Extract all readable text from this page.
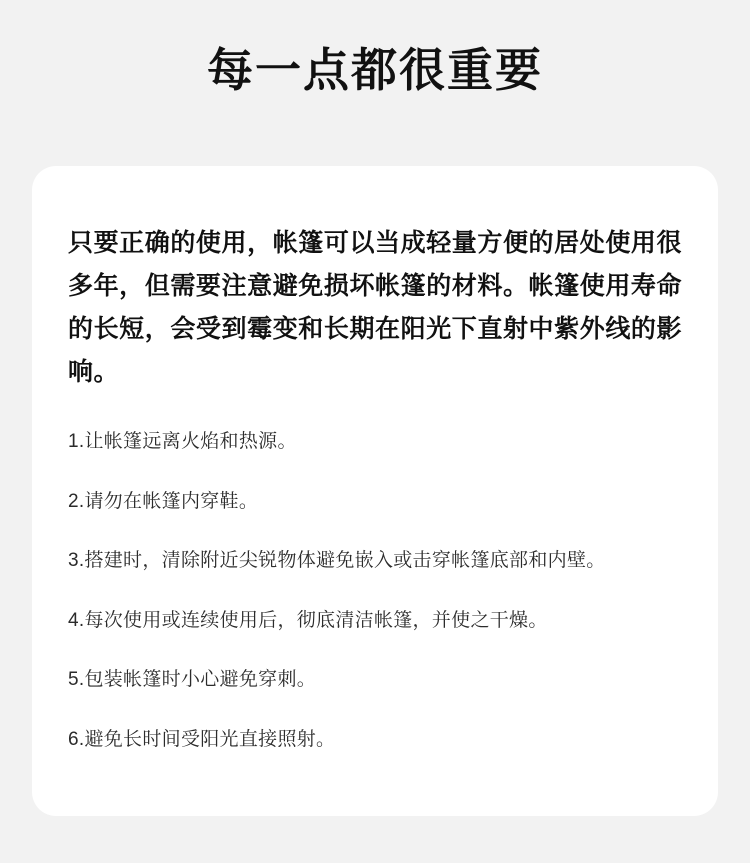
每一点都很重要

只要正确的使用，帐篷可以当成轻量方便的居处使用很多年，但需要注意避免损坏帐篷的材料。帐篷使用寿命的长短，会受到霉变和长期在阳光下直射中紫外线的影响。

1.让帐篷远离火焰和热源。
2.请勿在帐篷内穿鞋。
3.搭建时，清除附近尖锐物体避免嵌入或击穿帐篷底部和内壁。
4.每次使用或连续使用后，彻底清洁帐篷，并使之干燥。
5.包装帐篷时小心避免穿刺。
6.避免长时间受阳光直接照射。
